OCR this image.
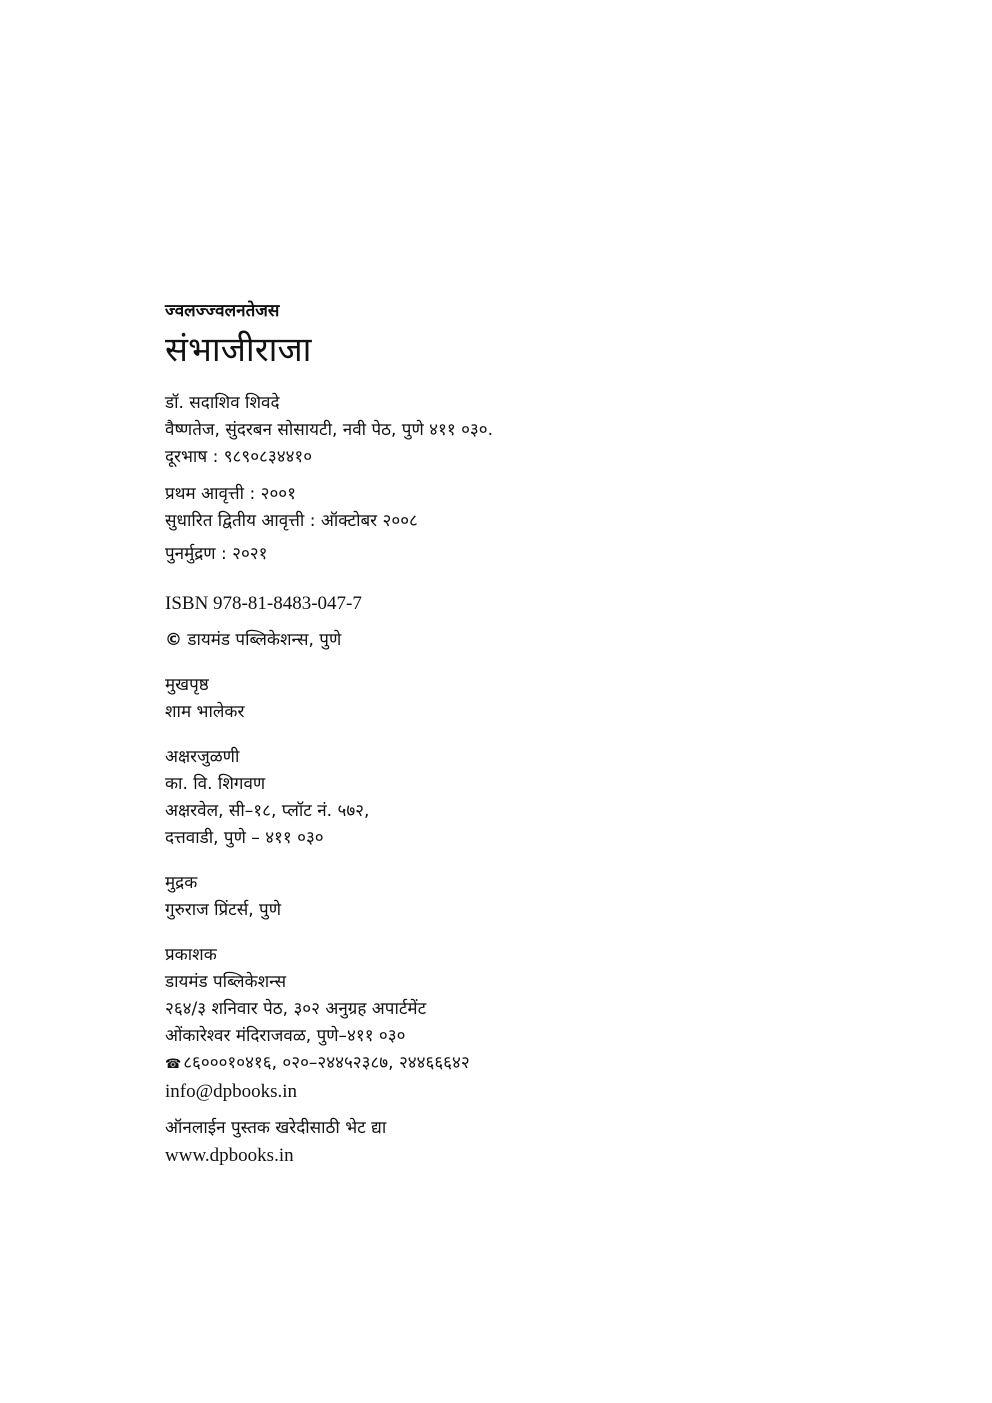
ज्वलज्ज्वलनतेजस
संभाजीराजा
डॉ. सदाशिव शिवदे
वैष्णतेज, सुंदरबन सोसायटी, नवी पेठ, पुणे ४११ ०३०.
दूरभाष : ९८९०८३४४१०
प्रथम आवृत्ती : २००१
सुधारित द्वितीय आवृत्ती : ऑक्टोबर २००८
पुनर्मुद्रण : २०२१
ISBN 978-81-8483-047-7
© डायमंड पब्लिकेशन्स, पुणे
मुखपृष्ठ
शाम भालेकर
अक्षरजुळणी
का. वि. शिगवण
अक्षरवेल, सी–१८, प्लॉट नं. ५७२,
दत्तवाडी, पुणे – ४११ ०३०
मुद्रक
गुरुराज प्रिंटर्स, पुणे
प्रकाशक
डायमंड पब्लिकेशन्स
२६४/३ शनिवार पेठ, ३०२ अनुग्रह अपार्टमेंट
ओंकारेश्वर मंदिराजवळ, पुणे–४११ ०३०
☎ ८६०००१०४१६, ०२०–२४४५२३८७, २४४६६६४२
info@dpbooks.in
ऑनलाईन पुस्तक खरेदीसाठी भेट द्या
www.dpbooks.in
